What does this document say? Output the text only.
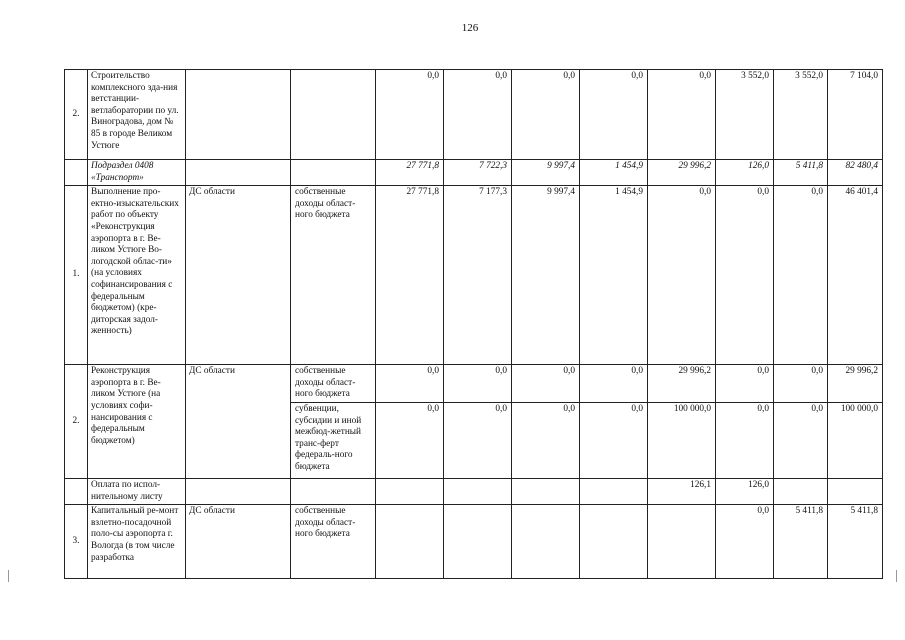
126
2.	Строительство комплексного зда-ния ветстанции-ветлаборатории по ул. Виноградова, дом № 85 в городе Великом Устюге			0,0	0,0	0,0	0,0	0,0	3 552,0	3 552,0	7 104,0
	Подраздел 0408 «Транспорт»			27 771,8	7 722,3	9 997,4	1 454,9	29 996,2	126,0	5 411,8	82 480,4
1.	Выполнение про-ектно-изыскательских работ по объекту «Реконструкция аэропорта в г. Ве-ликом Устюге Во-логодской облас-ти» (на условиях софинансирования с федеральным бюджетом) (кре-диторская задол-женность)	ДС области	собственные доходы област-ного бюджета	27 771,8	7 177,3	9 997,4	1 454,9	0,0	0,0	0,0	46 401,4
2.	Реконструкция аэропорта в г. Ве-ликом Устюге (на условиях софи-нансирования с федеральным бюджетом)	ДС области	собственные доходы област-ного бюджета	0,0	0,0	0,0	0,0	29 996,2	0,0	0,0	29 996,2
			субвенции, субсидии и иной межбюд-жетный транс-ферт федераль-ного бюджета	0,0	0,0	0,0	0,0	100 000,0	0,0	0,0	100 000,0
	Оплата по испол-нительному листу							126,1	126,0		
3.	Капитальный ре-монт взлетно-посадочной поло-сы аэропорта г. Вологда (в том числе разработка	ДС области	собственные доходы област-ного бюджета						0,0	5 411,8	5 411,8
